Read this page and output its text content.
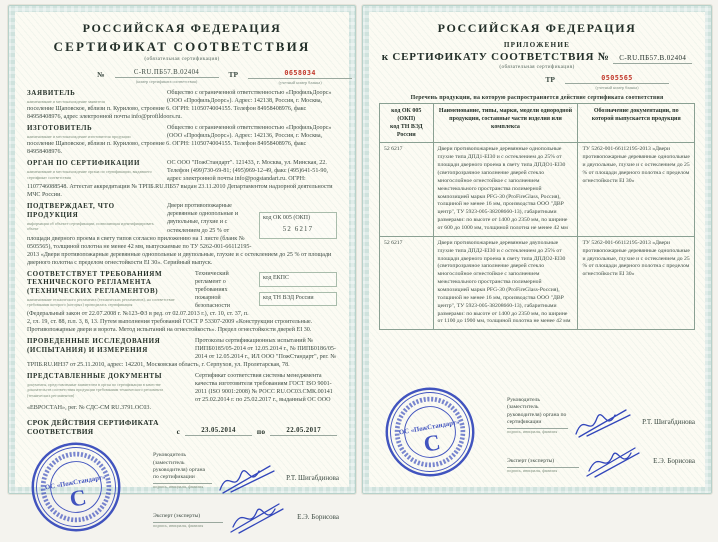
РОССИЙСКАЯ ФЕДЕРАЦИЯ
СЕРТИФИКАТ СООТВЕТСТВИЯ
(обязательная сертификация)
№	C-RU.ПБ57.В.02404
(номер сертификата соответствия)
ТР	0658034
(учетный номер бланка)
ЗАЯВИТЕЛЬ
наименование и местонахождение заявителя
Общество с ограниченной ответственностью «ПрофильДоорс» (ООО «ПрофильДоорс»). Адрес: 142138, Россия, г. Москва, поселение Щаповское, вблизи п. Курилово, строение 6. ОГРН: 1105074004155. Телефон 84958408976, факс 84958408976, адрес электронной почты info@profildoors.ru.
ИЗГОТОВИТЕЛЬ
наименование и местонахождение изготовителя продукции
Общество с ограниченной ответственностью «ПрофильДоорс» (ООО «ПрофильДоорс»). Адрес: 142136, Россия, г. Москва, поселение Щаповское, вблизи п. Курилово, строение 6. ОГРН: 1105074004155. Телефон 84958408976, факс 84958408976.
ОРГАН ПО СЕРТИФИКАЦИИ
наименование и местонахождение органа по сертификации, выдавшего сертификат соответствия
ОС ООО "ПожСтандарт". 121433, г. Москва, ул. Минская, 22. Телефон (499)730-69-81; (495)969-12-49, факс (495)641-51-90, адрес электронной почты info@pogstandart.ru. ОГРН: 1107746088548. Аттестат аккредитации № ТРПБ.RU.ПБ57 выдан 23.11.2010 Департаментом надзорной деятельности МЧС России.
код ОК 005 (ОКП)
52 6217
ПОДТВЕРЖДАЕТ, ЧТО ПРОДУКЦИЯ
информация об объекте сертификации, позволяющая идентифицировать объект
Двери противопожарные деревянные однопольные и двупольные, глухие и с остеклением до 25 % от площади дверного проема в свету типов согласно приложению на 1 листе (бланк № 0505565), толщиной полотна не менее 42 мм, выпускаемые по ТУ 5262-001-66112195-2013 «Двери противопожарные деревянные однопольные и двупольные, глухие и с остеклением до 25 % от площади дверного полотна с пределом огнестойкости EI 30». Серийный выпуск.
код ЕКПС
код ТН ВЭД России
СООТВЕТСТВУЕТ ТРЕБОВАНИЯМ ТЕХНИЧЕСКОГО РЕГЛАМЕНТА (ТЕХНИЧЕСКИХ РЕГЛАМЕНТОВ)
наименование технического регламента (технических регламентов), на соответствие требованиям которого (которых) проводилась сертификация
Технический регламент о требованиях пожарной безопасности (Федеральный закон от 22.07.2008 г. №123-ФЗ в ред. от 02.07.2013 г.), ст. 10, ст. 37, п. 2, гл. 19, ст. 88, п.п. 3, 8, 13. Путем выполнения требований ГОСТ Р 53307-2009 «Конструкции строительные. Противопожарные двери и ворота. Метод испытаний на огнестойкость». Предел огнестойкости дверей EI 30.
ПРОВЕДЕННЫЕ ИССЛЕДОВАНИЯ (ИСПЫТАНИЯ) И ИЗМЕРЕНИЯ
Протоколы сертификационных испытаний № ПИПБ0185/05-2014 от 12.05.2014 г., № ПИПБ0186/05-2014 от 12.05.2014 г., ИЛ ООО "ПожСтандарт", рег. № ТРПБ.RU.ИН37 от 25.11.2010, адрес: 142201, Московская область, г. Серпухов, ул. Пролетарская, 78.
ПРЕДСТАВЛЕННЫЕ ДОКУМЕНТЫ
документы, представленные заявителем в орган по сертификации в качестве доказательств соответствия продукции требованиям технического регламента (технических регламентов)
Сертификат соответствия системы менеджмента качества изготовителя требованиям ГОСТ ISO 9001-2011 (ISO 9001:2008) № РОСС RU.ОС03.СМК.00141 от 25.02.2014 г. по 25.02.2017 г., выданный ОС ООО «ЕВРОСТАН», рег. № СДС-СМ RU.3791.ОС03.
СРОК ДЕЙСТВИЯ СЕРТИФИКАТА СООТВЕТСТВИЯ	с	23.05.2014	по	22.05.2017
ОС «ПожСтандарт»
С
Руководитель (заместитель руководителя) органа по сертификации
подпись, инициалы, фамилия
Р.Т. Шигабдинова
Эксперт (эксперты)
подпись, инициалы, фамилия
Е.Э. Борисова
РОССИЙСКАЯ ФЕДЕРАЦИЯ
ПРИЛОЖЕНИЕ
к СЕРТИФИКАТУ СООТВЕТСТВИЯ № C-RU.ПБ57.В.02404
(обязательная сертификация)
ТР	0505565
(учетный номер бланка)
Перечень продукции, на которую распространяется действие сертификата соответствия
код ОК 005 (ОКП)
код ТН ВЭД России	Наименование, типы, марки, модели однородной продукции, составные части изделия или комплекса	Обозначение документации, по которой выпускается продукция
52 6217	Двери противопожарные деревянные однопольные глухие типа ДПД1-EI30 и с остеклением до 25% от площади дверного проема в свету типа ДПДО1-EI30 (светопрозрачное заполнение дверей стекло многослойное огнестойкое с заполнением межстекольного пространства полимерной композицией марки PFG-30 (ProFireGlass, Россия), толщиной не менее 16 мм, производства ООО "ДВР центр", ТУ 5923-005-38208660-13), габаритными размерами: по высоте от 1400 до 2350 мм, по ширине от 600 до 1000 мм, толщиной полотна не менее 42 мм	ТУ 5262-001-66112195-2013 «Двери противопожарные деревянные однопольные и двупольные, глухие и с остеклением до 25 % от площади дверного полотна с пределом огнестойкости EI 30»
52 6217	Двери противопожарные деревянные двупольные глухие типа ДПД2-EI30 и с остеклением до 25% от площади дверного проема в свету типа ДПДО2-EI30 (светопрозрачное заполнение дверей стекло многослойное огнестойкое с заполнением межстекольного пространства полимерной композицией марки PFG-30 (ProFireGlass-Россия), толщиной не менее 16 мм, производства ООО "ДВР центр", ТУ 5923-005-38208660-13), габаритными размерами: по высоте от 1400 до 2350 мм, по ширине от 1100 до 1900 мм, толщиной полотна не менее 42 мм	ТУ 5262-001-66112195-2013 «Двери противопожарные деревянные однопольные и двупольные, глухие и с остеклением до 25 % от площади дверного полотна с пределом огнестойкости EI 30»
ОС «ПожСтандарт»
С
Руководитель (заместитель руководителя) органа по сертификации
подпись, инициалы, фамилия
Р.Т. Шигабдинова
Эксперт (эксперты)
подпись, инициалы, фамилия
Е.Э. Борисова
